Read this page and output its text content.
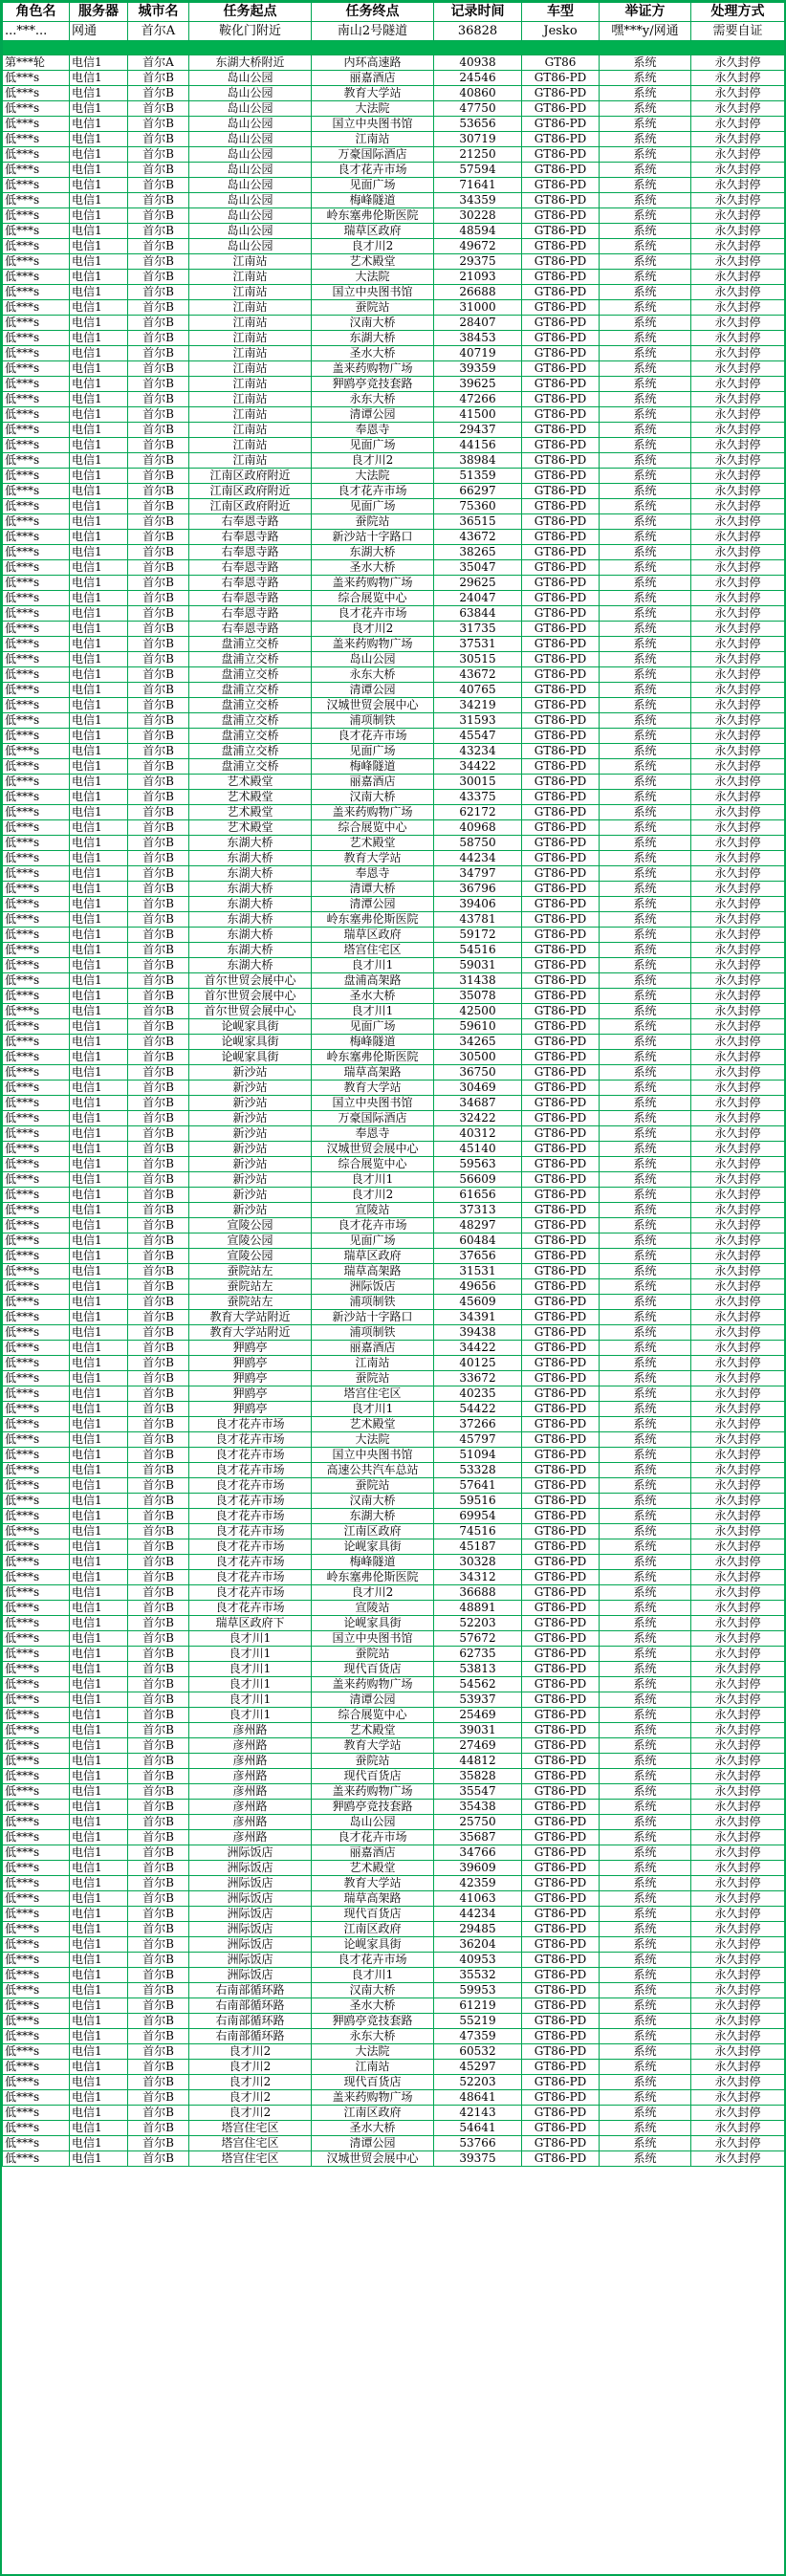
角色名	服务器	城市名	任务起点	任务终点	记录时间	车型	举证方	处理方式
...***...	网通	首尔A	鞍化门附近	南山2号隧道	36828	Jesko	嘿***y/网通	需要自证

第***轮	电信1	首尔A	东湖大桥附近	内环高速路	40938	GT86	系统	永久封停
低***s	电信1	首尔B	岛山公园	丽嘉酒店	24546	GT86-PD	系统	永久封停
低***s	电信1	首尔B	岛山公园	教育大学站	40860	GT86-PD	系统	永久封停
低***s	电信1	首尔B	岛山公园	大法院	47750	GT86-PD	系统	永久封停
低***s	电信1	首尔B	岛山公园	国立中央图书馆	53656	GT86-PD	系统	永久封停
低***s	电信1	首尔B	岛山公园	江南站	30719	GT86-PD	系统	永久封停
低***s	电信1	首尔B	岛山公园	万豪国际酒店	21250	GT86-PD	系统	永久封停
低***s	电信1	首尔B	岛山公园	良才花卉市场	57594	GT86-PD	系统	永久封停
低***s	电信1	首尔B	岛山公园	见面广场	71641	GT86-PD	系统	永久封停
低***s	电信1	首尔B	岛山公园	梅峰隧道	34359	GT86-PD	系统	永久封停
低***s	电信1	首尔B	岛山公园	岭东塞弗伦斯医院	30228	GT86-PD	系统	永久封停
低***s	电信1	首尔B	岛山公园	瑞草区政府	48594	GT86-PD	系统	永久封停
低***s	电信1	首尔B	岛山公园	良才川2	49672	GT86-PD	系统	永久封停
低***s	电信1	首尔B	江南站	艺术殿堂	29375	GT86-PD	系统	永久封停
低***s	电信1	首尔B	江南站	大法院	21093	GT86-PD	系统	永久封停
低***s	电信1	首尔B	江南站	国立中央图书馆	26688	GT86-PD	系统	永久封停
低***s	电信1	首尔B	江南站	蚕院站	31000	GT86-PD	系统	永久封停
低***s	电信1	首尔B	江南站	汉南大桥	28407	GT86-PD	系统	永久封停
低***s	电信1	首尔B	江南站	东湖大桥	38453	GT86-PD	系统	永久封停
低***s	电信1	首尔B	江南站	圣水大桥	40719	GT86-PD	系统	永久封停
低***s	电信1	首尔B	江南站	盖来药购物广场	39359	GT86-PD	系统	永久封停
低***s	电信1	首尔B	江南站	狎鸥亭竞技套路	39625	GT86-PD	系统	永久封停
低***s	电信1	首尔B	江南站	永东大桥	47266	GT86-PD	系统	永久封停
低***s	电信1	首尔B	江南站	清谭公园	41500	GT86-PD	系统	永久封停
低***s	电信1	首尔B	江南站	奉恩寺	29437	GT86-PD	系统	永久封停
低***s	电信1	首尔B	江南站	见面广场	44156	GT86-PD	系统	永久封停
低***s	电信1	首尔B	江南站	良才川2	38984	GT86-PD	系统	永久封停
低***s	电信1	首尔B	江南区政府附近	大法院	51359	GT86-PD	系统	永久封停
低***s	电信1	首尔B	江南区政府附近	良才花卉市场	66297	GT86-PD	系统	永久封停
低***s	电信1	首尔B	江南区政府附近	见面广场	75360	GT86-PD	系统	永久封停
低***s	电信1	首尔B	右奉恩寺路	蚕院站	36515	GT86-PD	系统	永久封停
低***s	电信1	首尔B	右奉恩寺路	新沙站十字路口	43672	GT86-PD	系统	永久封停
低***s	电信1	首尔B	右奉恩寺路	东湖大桥	38265	GT86-PD	系统	永久封停
低***s	电信1	首尔B	右奉恩寺路	圣水大桥	35047	GT86-PD	系统	永久封停
低***s	电信1	首尔B	右奉恩寺路	盖来药购物广场	29625	GT86-PD	系统	永久封停
低***s	电信1	首尔B	右奉恩寺路	综合展览中心	24047	GT86-PD	系统	永久封停
低***s	电信1	首尔B	右奉恩寺路	良才花卉市场	63844	GT86-PD	系统	永久封停
低***s	电信1	首尔B	右奉恩寺路	良才川2	31735	GT86-PD	系统	永久封停
低***s	电信1	首尔B	盘浦立交桥	盖来药购物广场	37531	GT86-PD	系统	永久封停
低***s	电信1	首尔B	盘浦立交桥	岛山公园	30515	GT86-PD	系统	永久封停
低***s	电信1	首尔B	盘浦立交桥	永东大桥	43672	GT86-PD	系统	永久封停
低***s	电信1	首尔B	盘浦立交桥	清谭公园	40765	GT86-PD	系统	永久封停
低***s	电信1	首尔B	盘浦立交桥	汉城世贸会展中心	34219	GT86-PD	系统	永久封停
低***s	电信1	首尔B	盘浦立交桥	浦项制铁	31593	GT86-PD	系统	永久封停
低***s	电信1	首尔B	盘浦立交桥	良才花卉市场	45547	GT86-PD	系统	永久封停
低***s	电信1	首尔B	盘浦立交桥	见面广场	43234	GT86-PD	系统	永久封停
低***s	电信1	首尔B	盘浦立交桥	梅峰隧道	34422	GT86-PD	系统	永久封停
低***s	电信1	首尔B	艺术殿堂	丽嘉酒店	30015	GT86-PD	系统	永久封停
低***s	电信1	首尔B	艺术殿堂	汉南大桥	43375	GT86-PD	系统	永久封停
低***s	电信1	首尔B	艺术殿堂	盖来药购物广场	62172	GT86-PD	系统	永久封停
低***s	电信1	首尔B	艺术殿堂	综合展览中心	40968	GT86-PD	系统	永久封停
低***s	电信1	首尔B	东湖大桥	艺术殿堂	58750	GT86-PD	系统	永久封停
低***s	电信1	首尔B	东湖大桥	教育大学站	44234	GT86-PD	系统	永久封停
低***s	电信1	首尔B	东湖大桥	奉恩寺	34797	GT86-PD	系统	永久封停
低***s	电信1	首尔B	东湖大桥	清谭大桥	36796	GT86-PD	系统	永久封停
低***s	电信1	首尔B	东湖大桥	清潭公园	39406	GT86-PD	系统	永久封停
低***s	电信1	首尔B	东湖大桥	岭东塞弗伦斯医院	43781	GT86-PD	系统	永久封停
低***s	电信1	首尔B	东湖大桥	瑞草区政府	59172	GT86-PD	系统	永久封停
低***s	电信1	首尔B	东湖大桥	塔宫住宅区	54516	GT86-PD	系统	永久封停
低***s	电信1	首尔B	东湖大桥	良才川1	59031	GT86-PD	系统	永久封停
低***s	电信1	首尔B	首尔世贸会展中心	盘浦高架路	31438	GT86-PD	系统	永久封停
低***s	电信1	首尔B	首尔世贸会展中心	圣水大桥	35078	GT86-PD	系统	永久封停
低***s	电信1	首尔B	首尔世贸会展中心	良才川1	42500	GT86-PD	系统	永久封停
低***s	电信1	首尔B	论岘家具街	见面广场	59610	GT86-PD	系统	永久封停
低***s	电信1	首尔B	论岘家具街	梅峰隧道	34265	GT86-PD	系统	永久封停
低***s	电信1	首尔B	论岘家具街	岭东塞弗伦斯医院	30500	GT86-PD	系统	永久封停
低***s	电信1	首尔B	新沙站	瑞草高架路	36750	GT86-PD	系统	永久封停
低***s	电信1	首尔B	新沙站	教育大学站	30469	GT86-PD	系统	永久封停
低***s	电信1	首尔B	新沙站	国立中央图书馆	34687	GT86-PD	系统	永久封停
低***s	电信1	首尔B	新沙站	万豪国际酒店	32422	GT86-PD	系统	永久封停
低***s	电信1	首尔B	新沙站	奉恩寺	40312	GT86-PD	系统	永久封停
低***s	电信1	首尔B	新沙站	汉城世贸会展中心	45140	GT86-PD	系统	永久封停
低***s	电信1	首尔B	新沙站	综合展览中心	59563	GT86-PD	系统	永久封停
低***s	电信1	首尔B	新沙站	良才川1	56609	GT86-PD	系统	永久封停
低***s	电信1	首尔B	新沙站	良才川2	61656	GT86-PD	系统	永久封停
低***s	电信1	首尔B	新沙站	宣陵站	37313	GT86-PD	系统	永久封停
低***s	电信1	首尔B	宣陵公园	良才花卉市场	48297	GT86-PD	系统	永久封停
低***s	电信1	首尔B	宣陵公园	见面广场	60484	GT86-PD	系统	永久封停
低***s	电信1	首尔B	宣陵公园	瑞草区政府	37656	GT86-PD	系统	永久封停
低***s	电信1	首尔B	蚕院站左	瑞草高架路	31531	GT86-PD	系统	永久封停
低***s	电信1	首尔B	蚕院站左	洲际饭店	49656	GT86-PD	系统	永久封停
低***s	电信1	首尔B	蚕院站左	浦项制铁	45609	GT86-PD	系统	永久封停
低***s	电信1	首尔B	教育大学站附近	新沙站十字路口	34391	GT86-PD	系统	永久封停
低***s	电信1	首尔B	教育大学站附近	浦项制铁	39438	GT86-PD	系统	永久封停
低***s	电信1	首尔B	狎鸥亭	丽嘉酒店	34422	GT86-PD	系统	永久封停
低***s	电信1	首尔B	狎鸥亭	江南站	40125	GT86-PD	系统	永久封停
低***s	电信1	首尔B	狎鸥亭	蚕院站	33672	GT86-PD	系统	永久封停
低***s	电信1	首尔B	狎鸥亭	塔宫住宅区	40235	GT86-PD	系统	永久封停
低***s	电信1	首尔B	狎鸥亭	良才川1	54422	GT86-PD	系统	永久封停
低***s	电信1	首尔B	良才花卉市场	艺术殿堂	37266	GT86-PD	系统	永久封停
低***s	电信1	首尔B	良才花卉市场	大法院	45797	GT86-PD	系统	永久封停
低***s	电信1	首尔B	良才花卉市场	国立中央图书馆	51094	GT86-PD	系统	永久封停
低***s	电信1	首尔B	良才花卉市场	高速公共汽车总站	53328	GT86-PD	系统	永久封停
低***s	电信1	首尔B	良才花卉市场	蚕院站	57641	GT86-PD	系统	永久封停
低***s	电信1	首尔B	良才花卉市场	汉南大桥	59516	GT86-PD	系统	永久封停
低***s	电信1	首尔B	良才花卉市场	东湖大桥	69954	GT86-PD	系统	永久封停
低***s	电信1	首尔B	良才花卉市场	江南区政府	74516	GT86-PD	系统	永久封停
低***s	电信1	首尔B	良才花卉市场	论岘家具街	45187	GT86-PD	系统	永久封停
低***s	电信1	首尔B	良才花卉市场	梅峰隧道	30328	GT86-PD	系统	永久封停
低***s	电信1	首尔B	良才花卉市场	岭东塞弗伦斯医院	34312	GT86-PD	系统	永久封停
低***s	电信1	首尔B	良才花卉市场	良才川2	36688	GT86-PD	系统	永久封停
低***s	电信1	首尔B	良才花卉市场	宣陵站	48891	GT86-PD	系统	永久封停
低***s	电信1	首尔B	瑞草区政府下	论岘家具街	52203	GT86-PD	系统	永久封停
低***s	电信1	首尔B	良才川1	国立中央图书馆	57672	GT86-PD	系统	永久封停
低***s	电信1	首尔B	良才川1	蚕院站	62735	GT86-PD	系统	永久封停
低***s	电信1	首尔B	良才川1	现代百货店	53813	GT86-PD	系统	永久封停
低***s	电信1	首尔B	良才川1	盖来药购物广场	54562	GT86-PD	系统	永久封停
低***s	电信1	首尔B	良才川1	清谭公园	53937	GT86-PD	系统	永久封停
低***s	电信1	首尔B	良才川1	综合展览中心	25469	GT86-PD	系统	永久封停
低***s	电信1	首尔B	彦州路	艺术殿堂	39031	GT86-PD	系统	永久封停
低***s	电信1	首尔B	彦州路	教育大学站	27469	GT86-PD	系统	永久封停
低***s	电信1	首尔B	彦州路	蚕院站	44812	GT86-PD	系统	永久封停
低***s	电信1	首尔B	彦州路	现代百货店	35828	GT86-PD	系统	永久封停
低***s	电信1	首尔B	彦州路	盖来药购物广场	35547	GT86-PD	系统	永久封停
低***s	电信1	首尔B	彦州路	狎鸥亭竞技套路	35438	GT86-PD	系统	永久封停
低***s	电信1	首尔B	彦州路	岛山公园	25750	GT86-PD	系统	永久封停
低***s	电信1	首尔B	彦州路	良才花卉市场	35687	GT86-PD	系统	永久封停
低***s	电信1	首尔B	洲际饭店	丽嘉酒店	34766	GT86-PD	系统	永久封停
低***s	电信1	首尔B	洲际饭店	艺术殿堂	39609	GT86-PD	系统	永久封停
低***s	电信1	首尔B	洲际饭店	教育大学站	42359	GT86-PD	系统	永久封停
低***s	电信1	首尔B	洲际饭店	瑞草高架路	41063	GT86-PD	系统	永久封停
低***s	电信1	首尔B	洲际饭店	现代百货店	44234	GT86-PD	系统	永久封停
低***s	电信1	首尔B	洲际饭店	江南区政府	29485	GT86-PD	系统	永久封停
低***s	电信1	首尔B	洲际饭店	论岘家具街	36204	GT86-PD	系统	永久封停
低***s	电信1	首尔B	洲际饭店	良才花卉市场	40953	GT86-PD	系统	永久封停
低***s	电信1	首尔B	洲际饭店	良才川1	35532	GT86-PD	系统	永久封停
低***s	电信1	首尔B	右南部循环路	汉南大桥	59953	GT86-PD	系统	永久封停
低***s	电信1	首尔B	右南部循环路	圣水大桥	61219	GT86-PD	系统	永久封停
低***s	电信1	首尔B	右南部循环路	狎鸥亭竞技套路	55219	GT86-PD	系统	永久封停
低***s	电信1	首尔B	右南部循环路	永东大桥	47359	GT86-PD	系统	永久封停
低***s	电信1	首尔B	良才川2	大法院	60532	GT86-PD	系统	永久封停
低***s	电信1	首尔B	良才川2	江南站	45297	GT86-PD	系统	永久封停
低***s	电信1	首尔B	良才川2	现代百货店	52203	GT86-PD	系统	永久封停
低***s	电信1	首尔B	良才川2	盖来药购物广场	48641	GT86-PD	系统	永久封停
低***s	电信1	首尔B	良才川2	江南区政府	42143	GT86-PD	系统	永久封停
低***s	电信1	首尔B	塔宫住宅区	圣水大桥	54641	GT86-PD	系统	永久封停
低***s	电信1	首尔B	塔宫住宅区	清谭公园	53766	GT86-PD	系统	永久封停
低***s	电信1	首尔B	塔宫住宅区	汉城世贸会展中心	39375	GT86-PD	系统	永久封停
